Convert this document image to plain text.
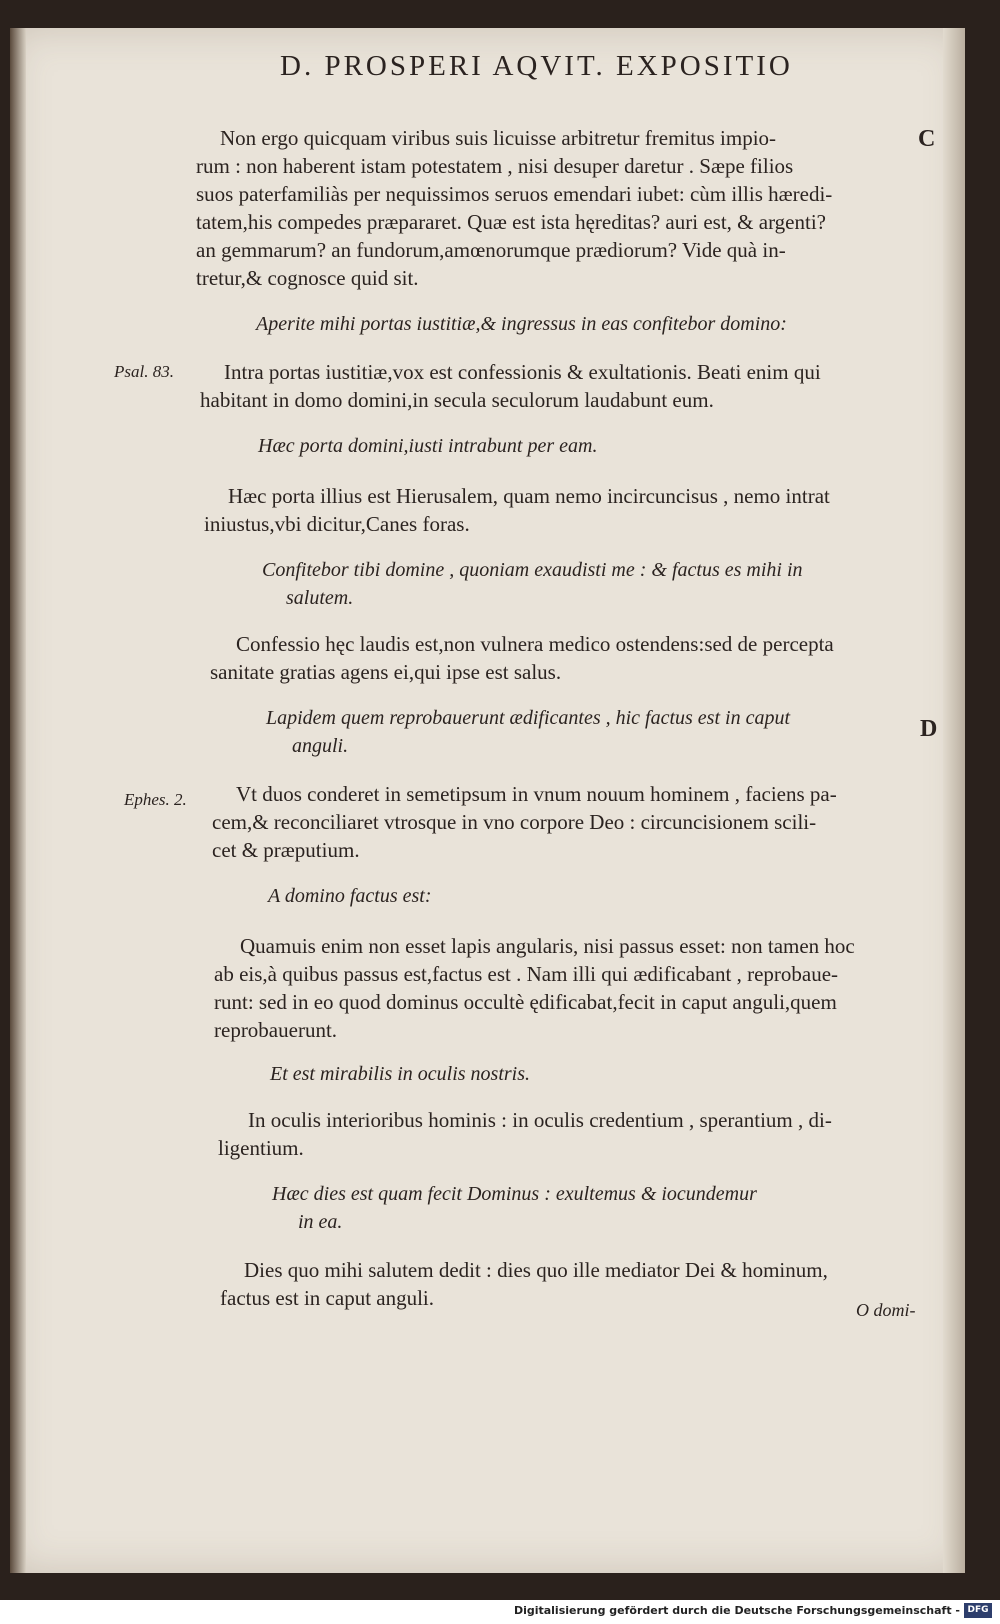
D. PROSPERI AQVIT. EXPOSITIO
C
Non ergo quicquam viribus suis licuisse arbitretur fremitus impio-
rum : non haberent istam potestatem , nisi desuper daretur . Sæpe filios
suos paterfamiliàs per nequissimos seruos emendari iubet: cùm illis hæredi-
tatem,his compedes præpararet. Quæ est ista hęreditas? auri est, & argenti?
an gemmarum? an fundorum,amœnorumque prædiorum? Vide quà in-
tretur,& cognosce quid sit.
Aperite mihi portas iustitiæ,& ingressus in eas confitebor domino:
Psal. 83. Intra portas iustitiæ,vox est confessionis & exultationis. Beati enim qui
habitant in domo domini,in secula seculorum laudabunt eum.
Hæc porta domini,iusti intrabunt per eam.
Hæc porta illius est Hierusalem, quam nemo incircuncisus , nemo intrat
iniustus,vbi dicitur,Canes foras.
Confitebor tibi domine , quoniam exaudisti me : & factus es mihi in
salutem.
Confessio hęc laudis est,non vulnera medico ostendens:sed de percepta
sanitate gratias agens ei,qui ipse est salus.
Lapidem quem reprobauerunt ædificantes , hic factus est in caput
anguli.
D
Ephes. 2. Vt duos conderet in semetipsum in vnum nouum hominem , faciens pa-
cem,& reconciliaret vtrosque in vno corpore Deo : circuncisionem scili-
cet & præputium.
A domino factus est:
Quamuis enim non esset lapis angularis, nisi passus esset: non tamen hoc
ab eis,à quibus passus est,factus est . Nam illi qui ædificabant , reprobaue-
runt: sed in eo quod dominus occultè ędificabat,fecit in caput anguli,quem
reprobauerunt.
Et est mirabilis in oculis nostris.
In oculis interioribus hominis : in oculis credentium , sperantium , di-
ligentium.
Hæc dies est quam fecit Dominus : exultemus & iocundemur
in ea.
Dies quo mihi salutem dedit : dies quo ille mediator Dei & hominum,
factus est in caput anguli.	O domi-
Digitalisierung gefördert durch die Deutsche Forschungsgemeinschaft - DFG
